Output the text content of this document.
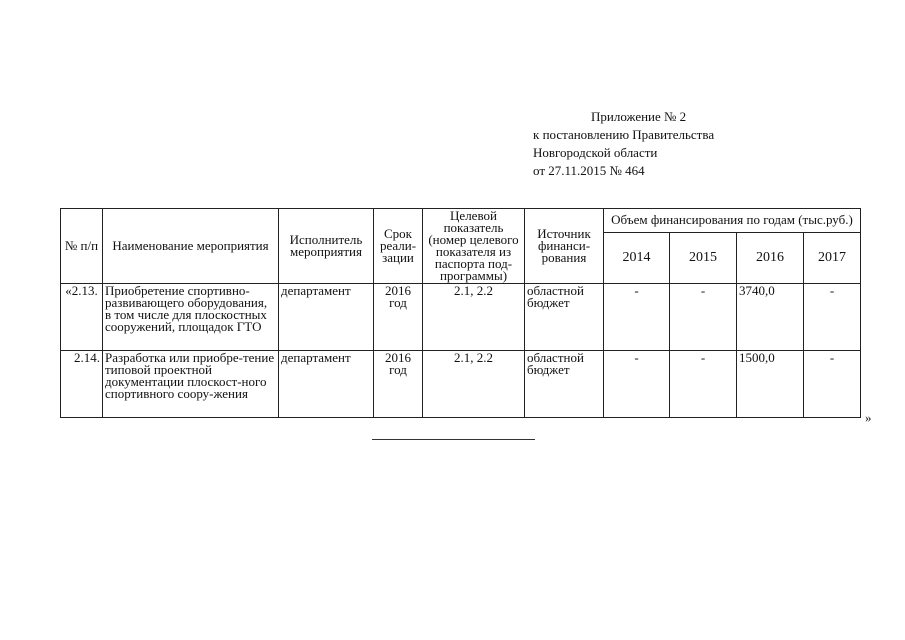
Приложение № 2
к постановлению Правительства
Новгородской области
от 27.11.2015 № 464
№ п/п	Наименование мероприятия	Исполнитель мероприятия	Срок реали-зации	Целевой показатель (номер целевого показателя из паспорта под-программы)	Источник финанси-рования	Объем финансирования по годам (тыс.руб.)			
						2014	2015	2016	2017
«2.13.	Приобретение спортивно-развивающего оборудования, в том числе для плоскостных сооружений, площадок ГТО	департамент	2016 год	2.1, 2.2	областной бюджет	-	-	3740,0	-
2.14.	Разработка или приобре-тение типовой проектной документации плоскост-ного спортивного соору-жения	департамент	2016 год	2.1, 2.2	областной бюджет	-	-	1500,0	-
»
